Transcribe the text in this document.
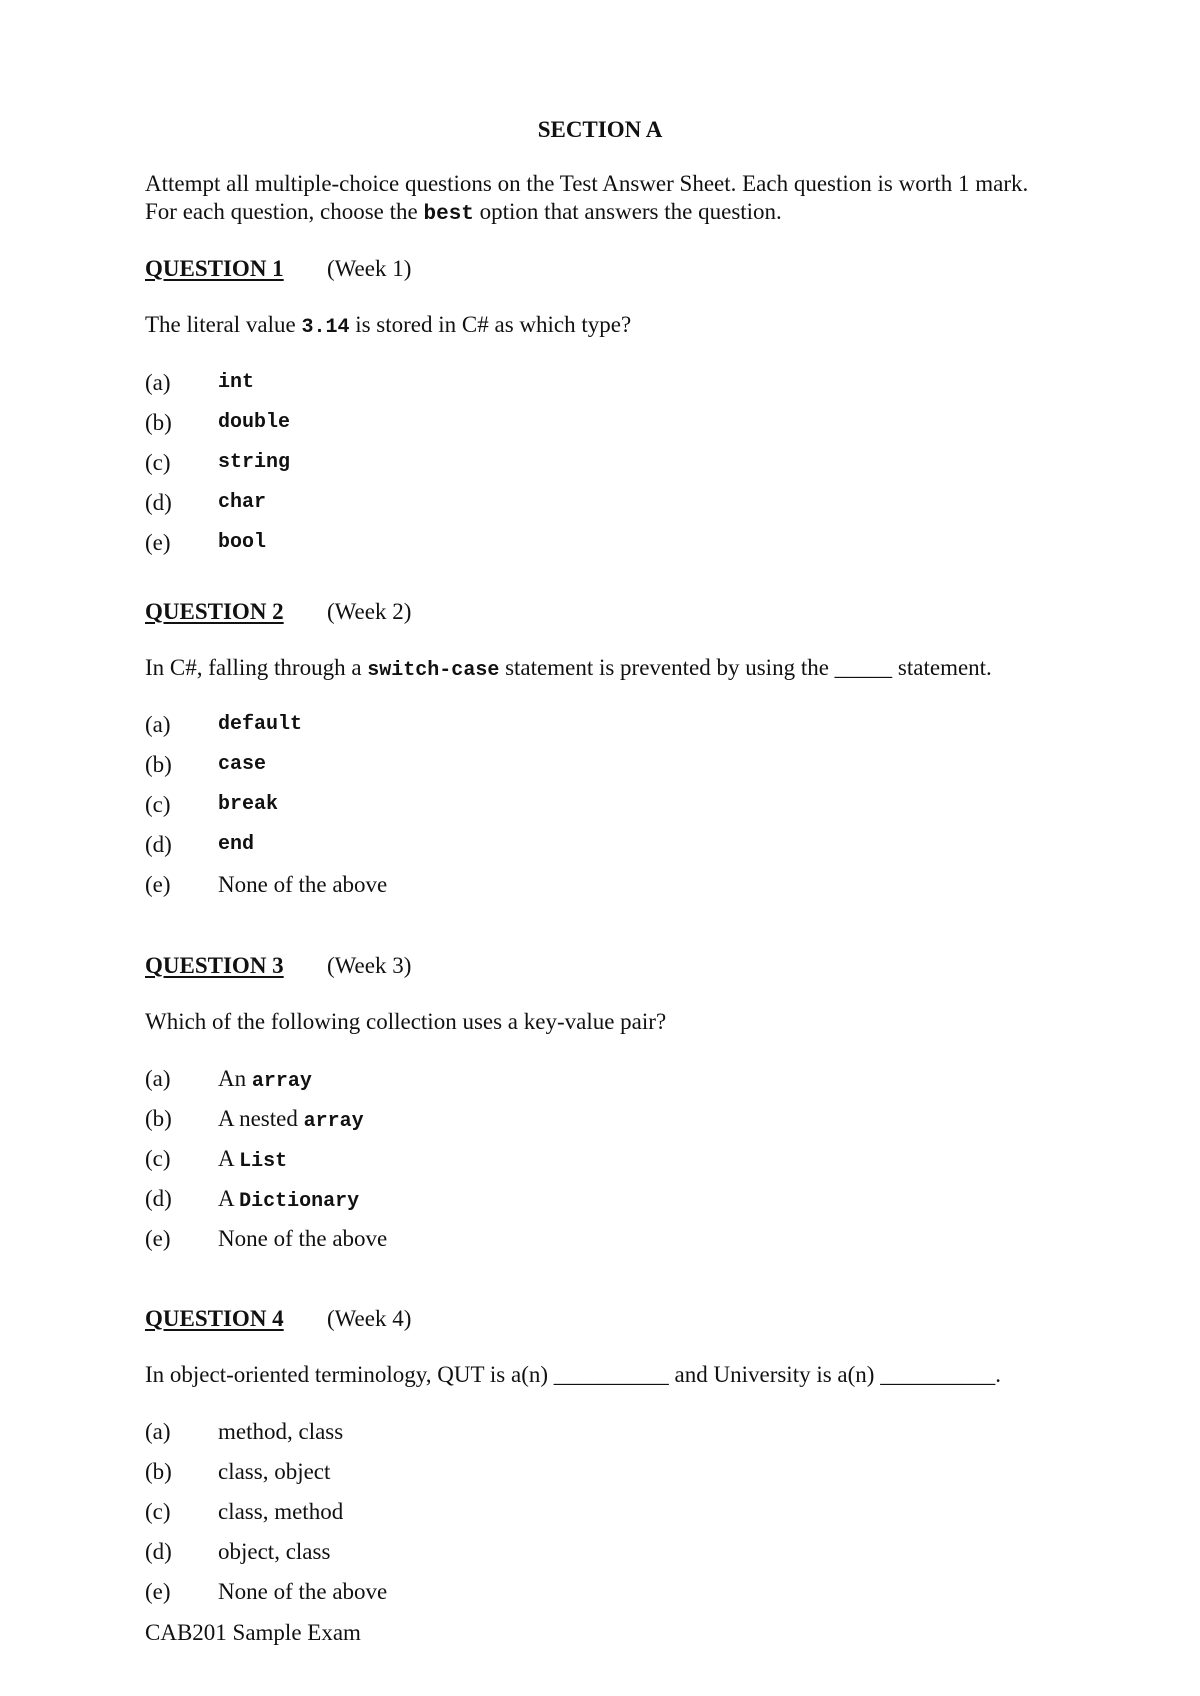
SECTION A
Attempt all multiple-choice questions on the Test Answer Sheet. Each question is worth 1 mark.
For each question, choose the best option that answers the question.
QUESTION 1 (Week 1)
The literal value 3.14 is stored in C# as which type?
(a) int
(b) double
(c) string
(d) char
(e) bool
QUESTION 2 (Week 2)
In C#, falling through a switch-case statement is prevented by using the _____ statement.
(a) default
(b) case
(c) break
(d) end
(e) None of the above
QUESTION 3 (Week 3)
Which of the following collection uses a key-value pair?
(a) An array
(b) A nested array
(c) A List
(d) A Dictionary
(e) None of the above
QUESTION 4 (Week 4)
In object-oriented terminology, QUT is a(n) __________ and University is a(n) __________.
(a) method, class
(b) class, object
(c) class, method
(d) object, class
(e) None of the above
CAB201 Sample Exam
